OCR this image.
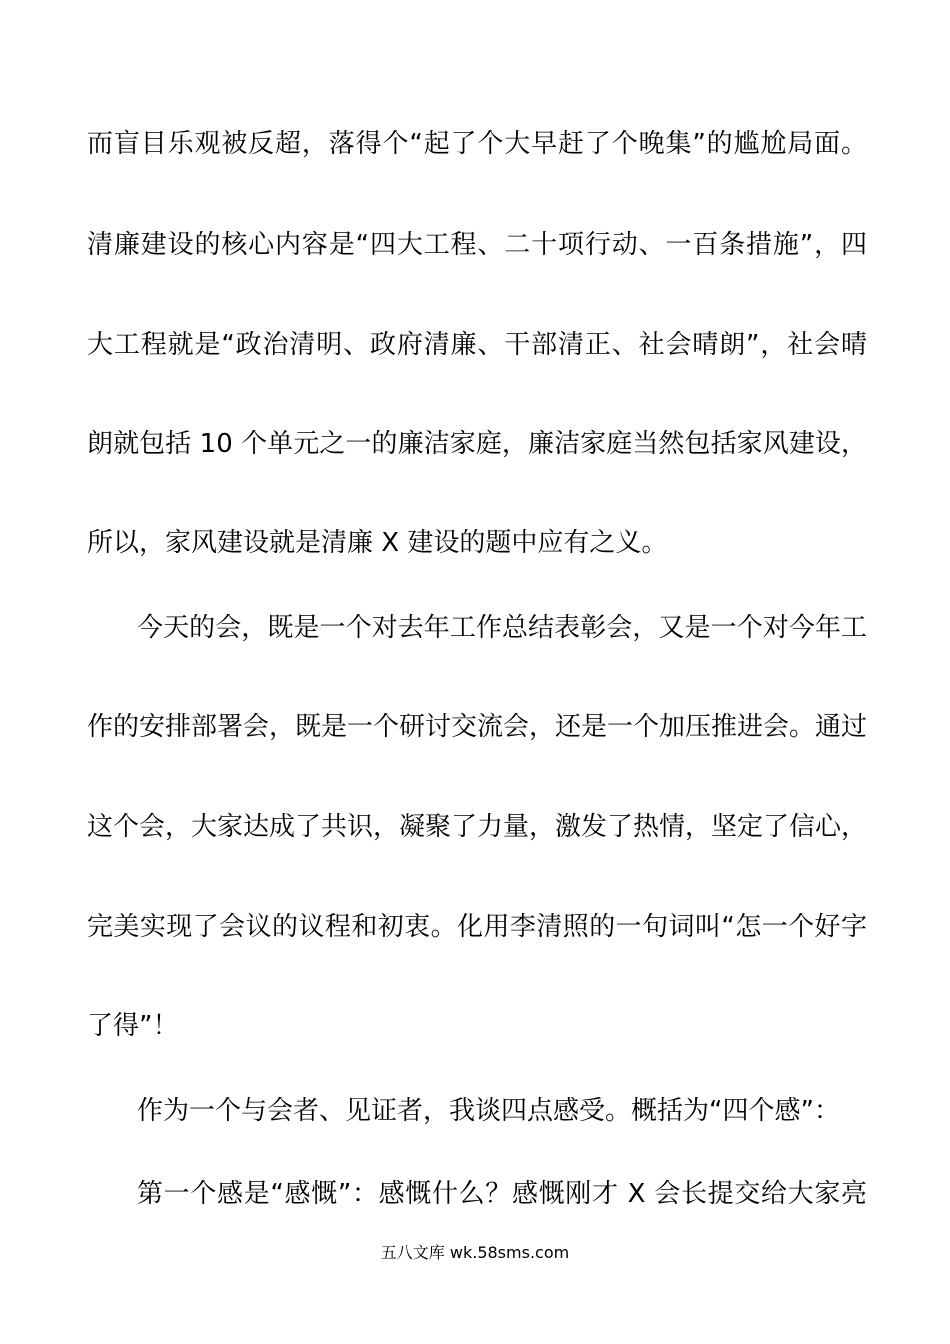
而盲目乐观被反超，落得个“起了个大早赶了个晚集”的尴尬局面。
清廉建设的核心内容是“四大工程、二十项行动、一百条措施”，四
大工程就是“政治清明、政府清廉、干部清正、社会晴朗”，社会晴
朗就包括 10 个单元之一的廉洁家庭，廉洁家庭当然包括家风建设，
所以，家风建设就是清廉 X 建设的题中应有之义。
今天的会，既是一个对去年工作总结表彰会，又是一个对今年工
作的安排部署会，既是一个研讨交流会，还是一个加压推进会。通过
这个会，大家达成了共识，凝聚了力量，激发了热情，坚定了信心，
完美实现了会议的议程和初衷。化用李清照的一句词叫“怎一个好字
了得”！
作为一个与会者、见证者，我谈四点感受。概括为“四个感”：
第一个感是“感慨”：感慨什么？感慨刚才 X 会长提交给大家亮
五八文库 wk.58sms.com
